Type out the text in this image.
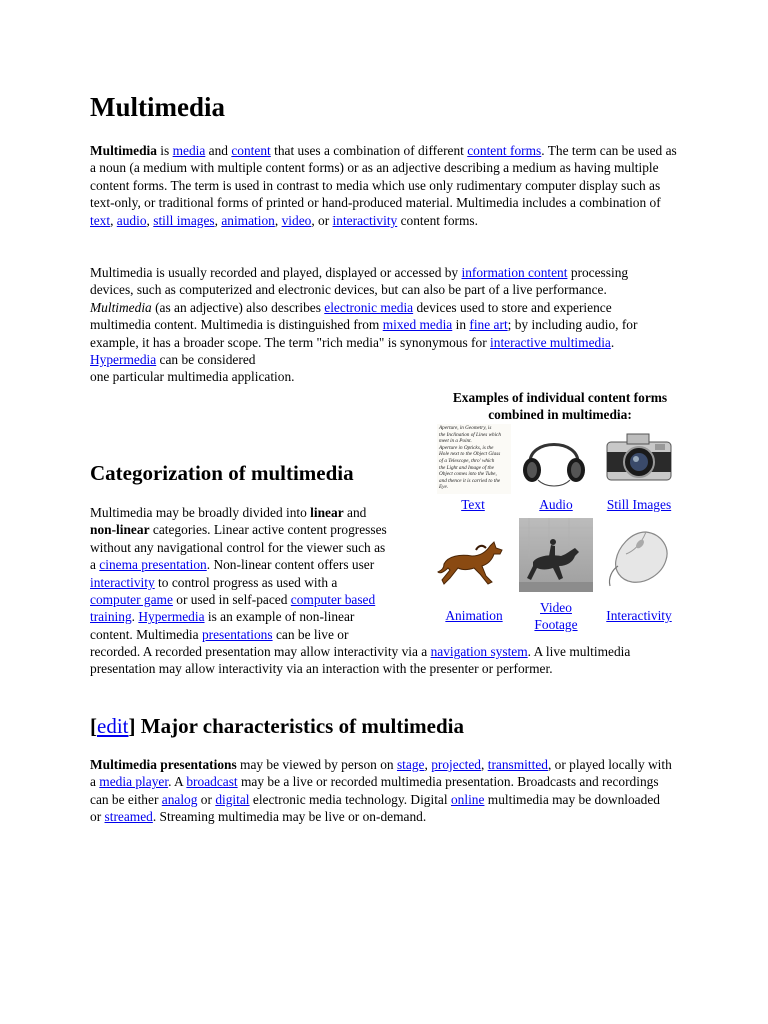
Multimedia

Multimedia is media and content that uses a combination of different content forms. The term can be used as a noun (a medium with multiple content forms) or as an adjective describing a medium as having multiple content forms. The term is used in contrast to media which use only rudimentary computer display such as text-only, or traditional forms of printed or hand-produced material. Multimedia includes a combination of text, audio, still images, animation, video, or interactivity content forms.

Multimedia is usually recorded and played, displayed or accessed by information content processing devices, such as computerized and electronic devices, but can also be part of a live performance. Multimedia (as an adjective) also describes electronic media devices used to store and experience multimedia content. Multimedia is distinguished from mixed media in fine art; by including audio, for example, it has a broader scope. The term "rich media" is synonymous for interactive multimedia. Hypermedia can be considered
one particular multimedia application.

Examples of individual content forms
combined in multimedia:
Aperture, in Geometry, is
the Inclination of Lines which
meet in a Point.
Aperture in Opticks, is the
Hole next to the Object Glass
of a Telescope, thro' which
the Light and Image of the
Object comes into the Tube,
and thence it is carried to the
Eye.
Text	Audio	Still Images
Animation
Video
Footage
Interactivity
Categorization of multimedia
Multimedia may be broadly divided into linear and
non-linear categories. Linear active content progresses
without any navigational control for the viewer such as
a cinema presentation. Non-linear content offers user
interactivity to control progress as used with a
computer game or used in self-paced computer based
training. Hypermedia is an example of non-linear
content. Multimedia presentations can be live or

recorded. A recorded presentation may allow interactivity via a navigation system. A live multimedia presentation may allow interactivity via an interaction with the presenter or performer.

[edit] Major characteristics of multimedia

Multimedia presentations may be viewed by person on stage, projected, transmitted, or played locally with a media player. A broadcast may be a live or recorded multimedia presentation. Broadcasts and recordings can be either analog or digital electronic media technology. Digital online multimedia may be downloaded or streamed. Streaming multimedia may be live or on-demand.
